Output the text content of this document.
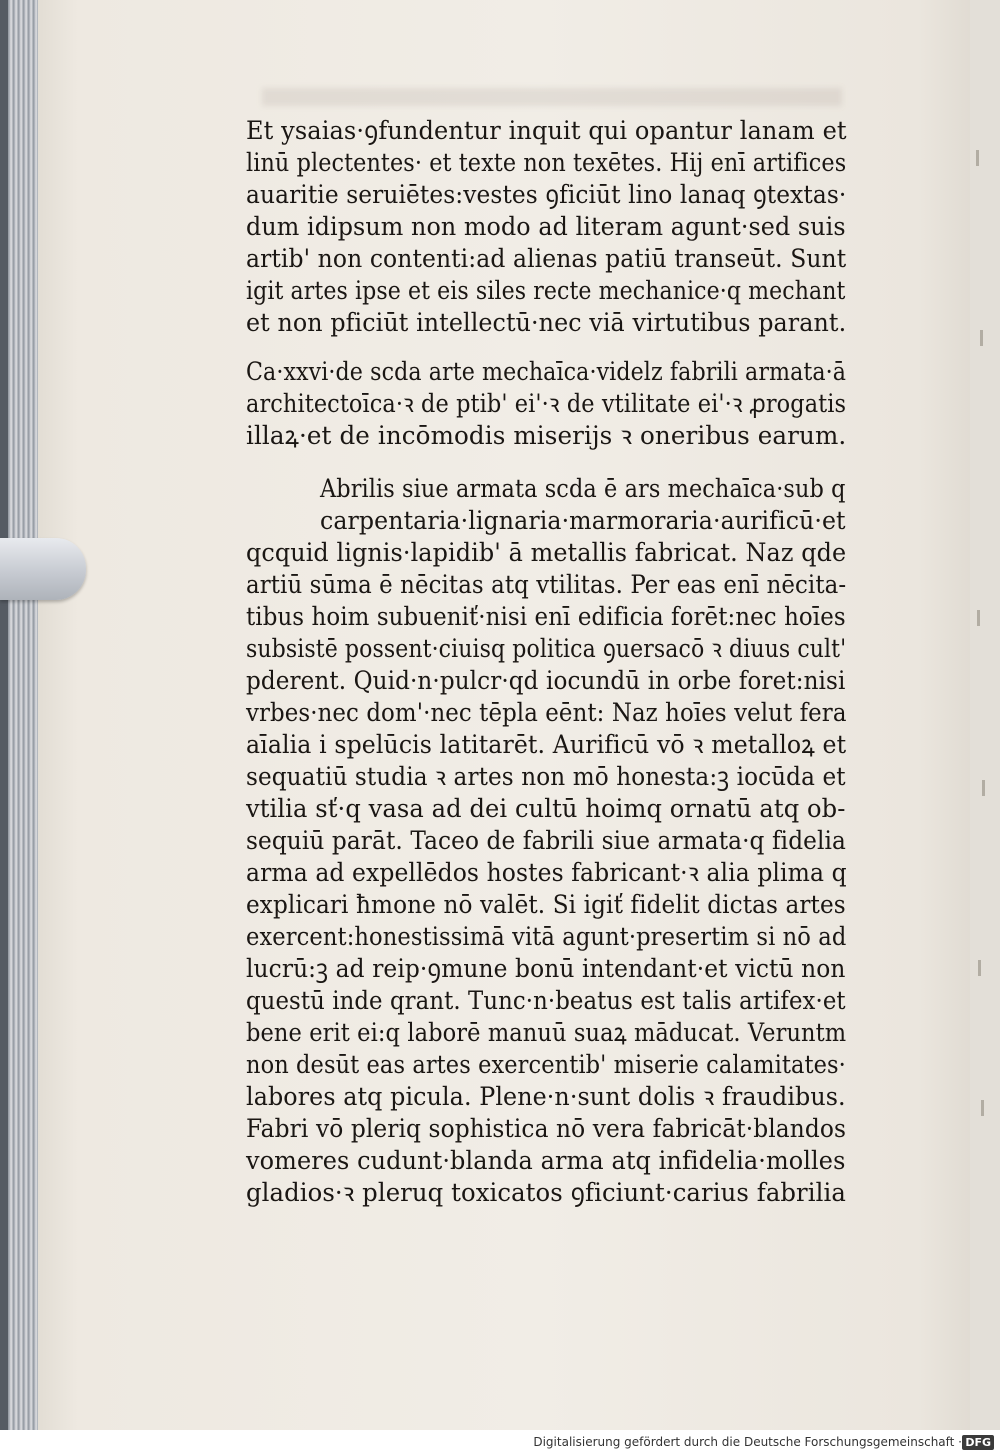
Et ysaias·ꝯfundentur inquit qui opantur lanam et
linū plectentes· et texte non texētes. Hij enī artifices
auaritie seruiētes:vestes ꝯficiūt lino lanaq ꝯtextas·
dum idipsum non modo ad literam agunt·sed suis
artib' non contenti:ad alienas patiū transeūt. Sunt
igit artes ipse et eis siles recte mechanice·q mechant
et non pficiūt intellectū·nec viā virtutibus parant.
Ca·xxvi·de scda arte mechaīca·videlz fabrili armata·ā
architectoīca·ꝛ de ptib' ei'·ꝛ de vtilitate ei'·ꝛ ꝓrogatis
illaꝝ·et de incōmodis miserijs ꝛ oneribus earum.
Abrilis siue armata scda ē ars mechaīca·sub q
carpentaria·lignaria·marmoraria·aurificū·et
qcquid lignis·lapidib' ā metallis fabricat. Naz qde
artiū sūma ē nēcitas atq vtilitas. Per eas enī nēcita-
tibus hoim subueniť·nisi enī edificia forēt:nec hoīes
subsistē possent·ciuisq politica ꝯuersacō ꝛ diuus cult'
pderent. Quid·n·pulcr·qd iocundū in orbe foret:nisi
vrbes·nec dom'·nec tēpla eēnt: Naz hoīes velut fera
aīalia i spelūcis latitarēt. Aurificū vō ꝛ metalloꝝ et
sequatiū studia ꝛ artes non mō honesta:ꝫ iocūda et
vtilia sť·q vasa ad dei cultū hoimq ornatū atq ob-
sequiū parāt. Taceo de fabrili siue armata·q fidelia
arma ad expellēdos hostes fabricant·ꝛ alia plima q
explicari ħmone nō valēt. Si igiť fidelit dictas artes
exercent:honestissimā vitā agunt·presertim si nō ad
lucrū:ꝫ ad reip·ꝯmune bonū intendant·et victū non
questū inde qrant. Tunc·n·beatus est talis artifex·et
bene erit ei:q laborē manuū suaꝝ māducat. Veruntm
non desūt eas artes exercentib' miserie calamitates·
labores atq picula. Plene·n·sunt dolis ꝛ fraudibus.
Fabri vō pleriq sophistica nō vera fabricāt·blandos
vomeres cudunt·blanda arma atq infidelia·molles
gladios·ꝛ pleruq toxicatos ꝯficiunt·carius fabrilia
Digitalisierung gefördert durch die Deutsche Forschungsgemeinschaft · DFG
